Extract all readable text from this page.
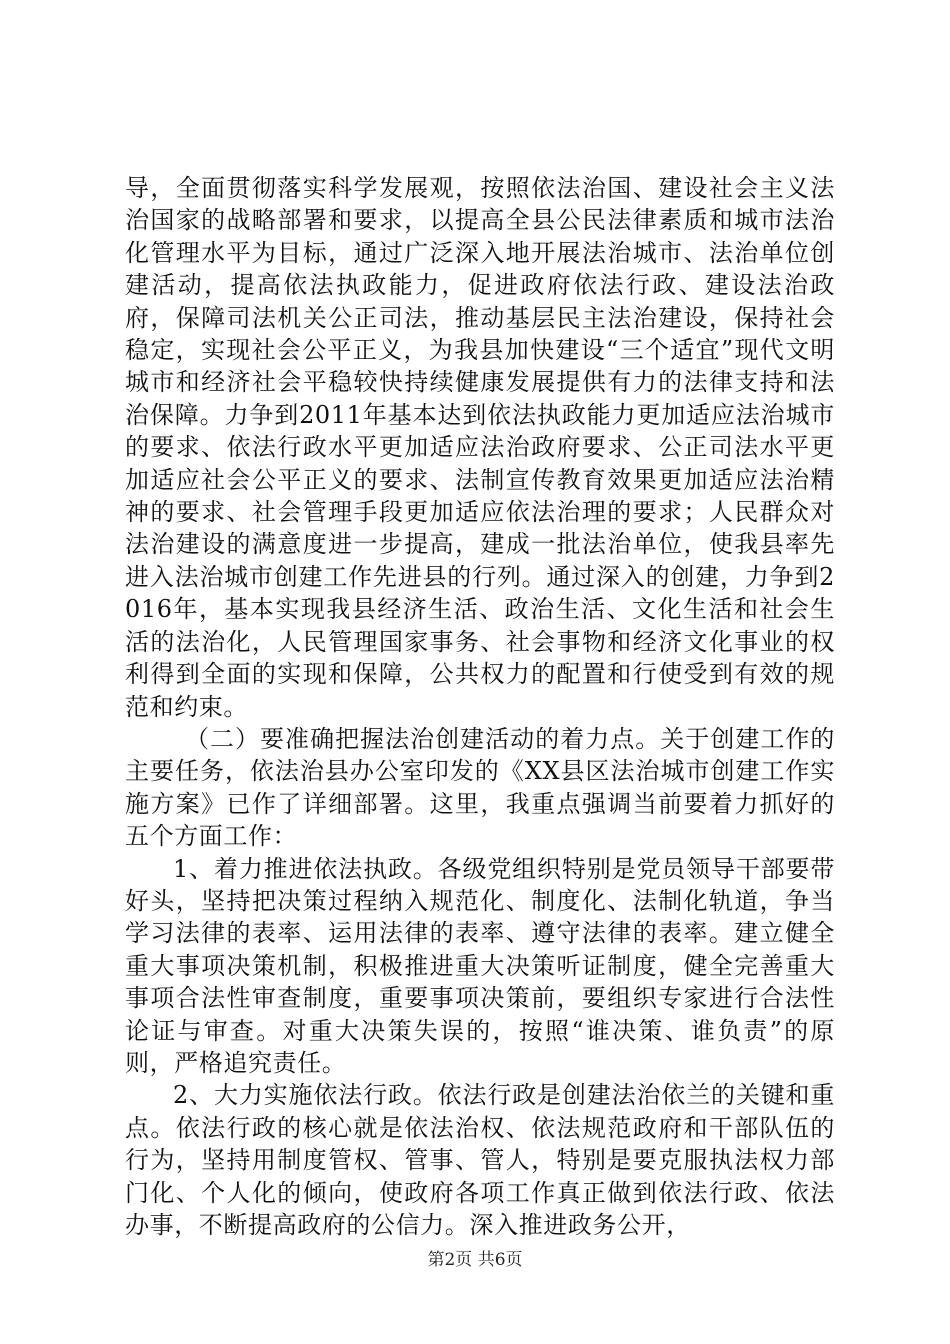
导，全面贯彻落实科学发展观，按照依法治国、建设社会主义法治国家的战略部署和要求，以提高全县公民法律素质和城市法治化管理水平为目标，通过广泛深入地开展法治城市、法治单位创建活动，提高依法执政能力，促进政府依法行政、建设法治政府，保障司法机关公正司法，推动基层民主法治建设，保持社会稳定，实现社会公平正义，为我县加快建设“三个适宜”现代文明城市和经济社会平稳较快持续健康发展提供有力的法律支持和法治保障。力争到2011年基本达到依法执政能力更加适应法治城市的要求、依法行政水平更加适应法治政府要求、公正司法水平更加适应社会公平正义的要求、法制宣传教育效果更加适应法治精神的要求、社会管理手段更加适应依法治理的要求；人民群众对法治建设的满意度进一步提高，建成一批法治单位，使我县率先进入法治城市创建工作先进县的行列。通过深入的创建，力争到2016年，基本实现我县经济生活、政治生活、文化生活和社会生活的法治化，人民管理国家事务、社会事物和经济文化事业的权利得到全面的实现和保障，公共权力的配置和行使受到有效的规范和约束。

（二）要准确把握法治创建活动的着力点。关于创建工作的主要任务，依法治县办公室印发的《XX县区法治城市创建工作实施方案》已作了详细部署。这里，我重点强调当前要着力抓好的五个方面工作：

1、着力推进依法执政。各级党组织特别是党员领导干部要带好头，坚持把决策过程纳入规范化、制度化、法制化轨道，争当学习法律的表率、运用法律的表率、遵守法律的表率。建立健全重大事项决策机制，积极推进重大决策听证制度，健全完善重大事项合法性审查制度，重要事项决策前，要组织专家进行合法性论证与审查。对重大决策失误的，按照“谁决策、谁负责”的原则，严格追究责任。

2、大力实施依法行政。依法行政是创建法治依兰的关键和重点。依法行政的核心就是依法治权、依法规范政府和干部队伍的行为，坚持用制度管权、管事、管人，特别是要克服执法权力部门化、个人化的倾向，使政府各项工作真正做到依法行政、依法办事，不断提高政府的公信力。深入推进政务公开，

第2页 共6页
